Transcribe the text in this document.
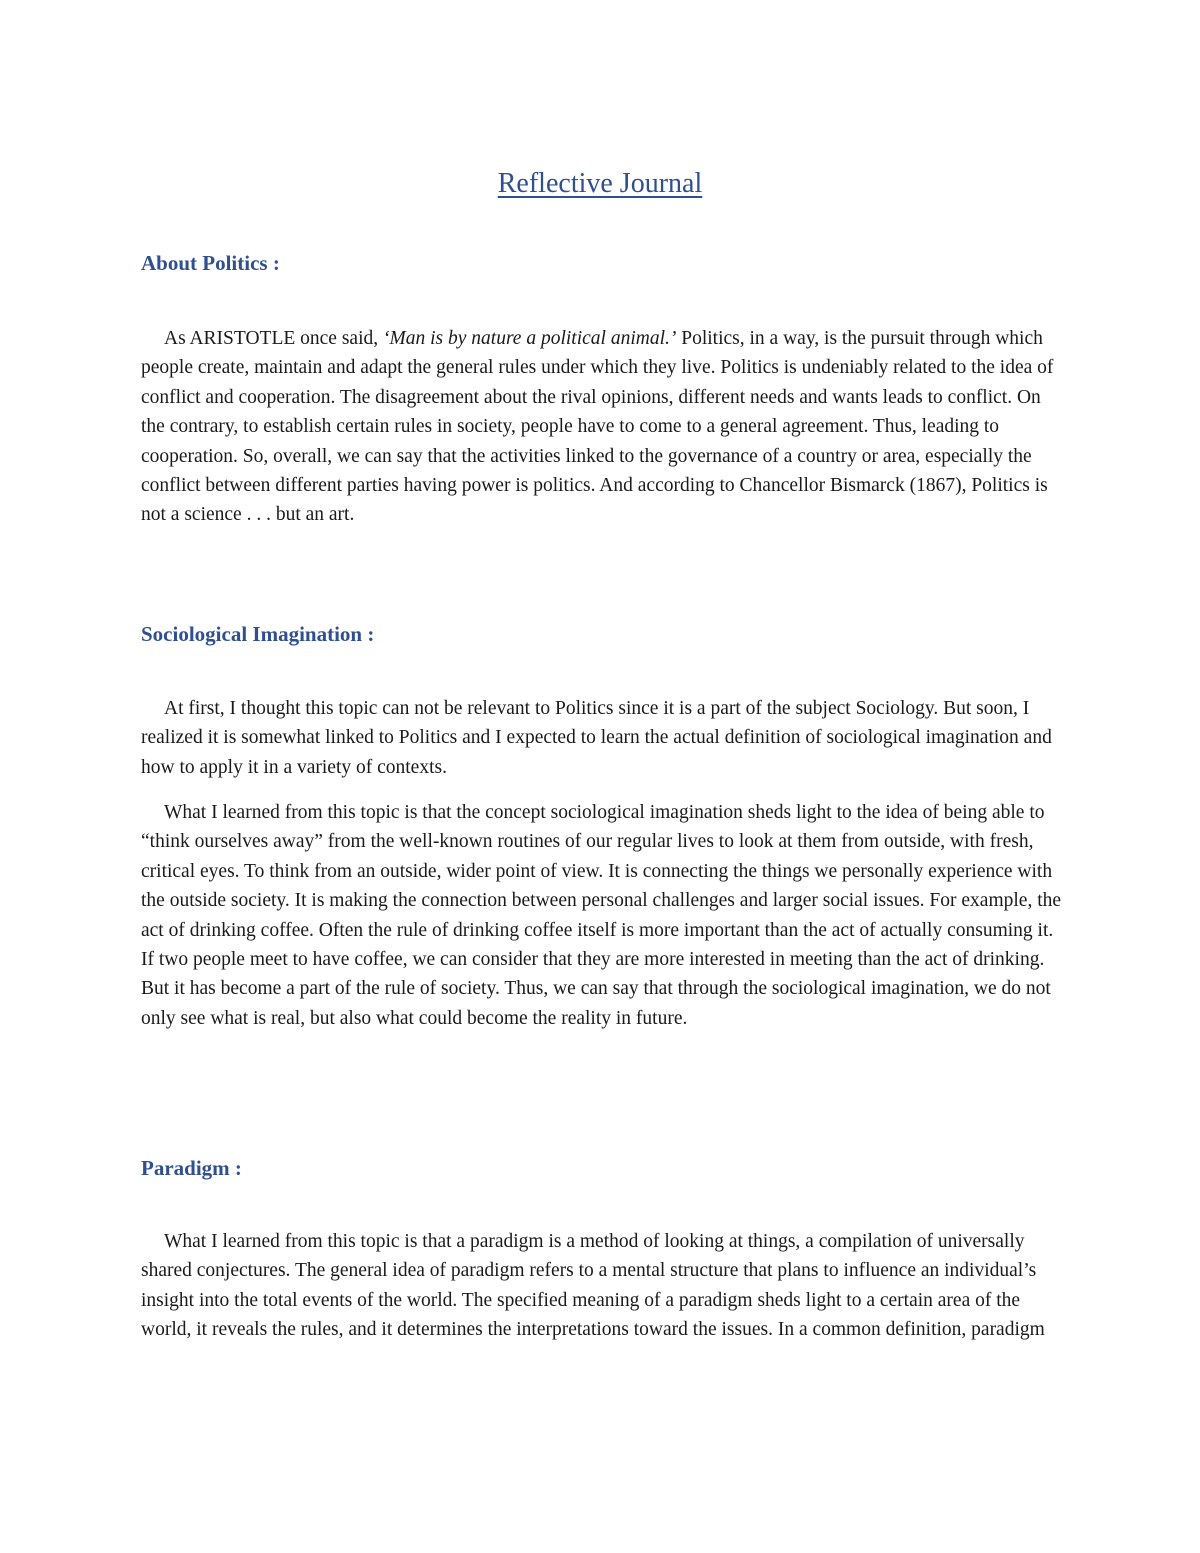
Reflective Journal
About Politics :

As ARISTOTLE once said, ‘Man is by nature a political animal.’ Politics, in a way, is the pursuit through which people create, maintain and adapt the general rules under which they live. Politics is undeniably related to the idea of conflict and cooperation. The disagreement about the rival opinions, different needs and wants leads to conflict. On the contrary, to establish certain rules in society, people have to come to a general agreement. Thus, leading to cooperation. So, overall, we can say that the activities linked to the governance of a country or area, especially the conflict between different parties having power is politics. And according to Chancellor Bismarck (1867), Politics is not a science . . . but an art.

Sociological Imagination :

At first, I thought this topic can not be relevant to Politics since it is a part of the subject Sociology. But soon, I realized it is somewhat linked to Politics and I expected to learn the actual definition of sociological imagination and how to apply it in a variety of contexts.

What I learned from this topic is that the concept sociological imagination sheds light to the idea of being able to “think ourselves away” from the well-known routines of our regular lives to look at them from outside, with fresh, critical eyes. To think from an outside, wider point of view. It is connecting the things we personally experience with the outside society. It is making the connection between personal challenges and larger social issues. For example, the act of drinking coffee. Often the rule of drinking coffee itself is more important than the act of actually consuming it. If two people meet to have coffee, we can consider that they are more interested in meeting than the act of drinking. But it has become a part of the rule of society. Thus, we can say that through the sociological imagination, we do not only see what is real, but also what could become the reality in future.

Paradigm :

What I learned from this topic is that a paradigm is a method of looking at things, a compilation of universally shared conjectures. The general idea of paradigm refers to a mental structure that plans to influence an individual’s insight into the total events of the world. The specified meaning of a paradigm sheds light to a certain area of the world, it reveals the rules, and it determines the interpretations toward the issues. In a common definition, paradigm
